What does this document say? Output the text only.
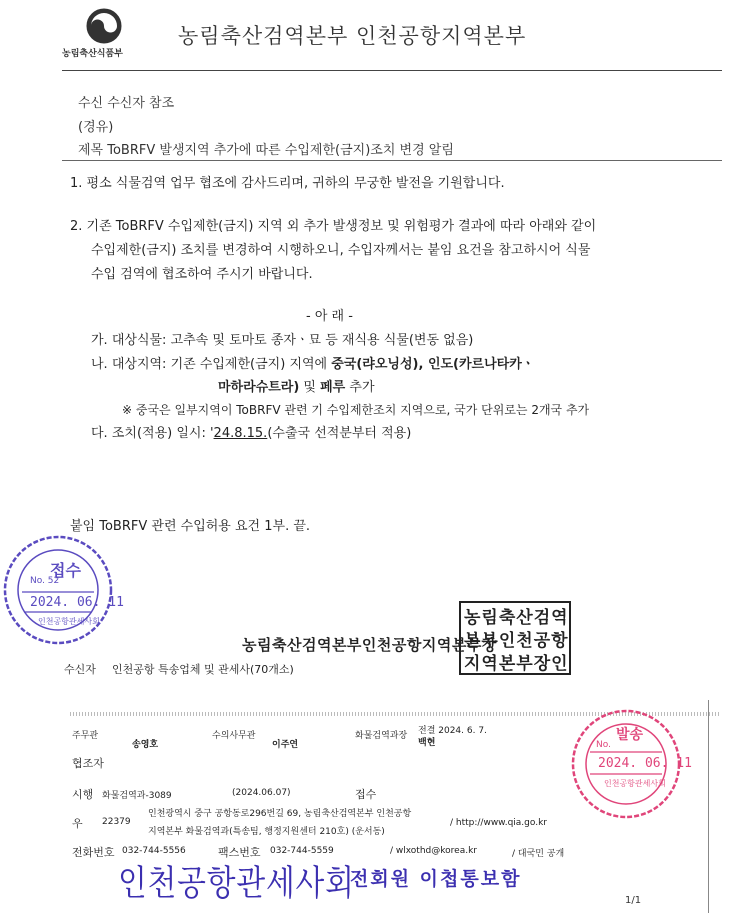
농림축산식품부
농림축산검역본부 인천공항지역본부
수신 수신자 참조
(경유)
제목 ToBRFV 발생지역 추가에 따른 수입제한(금지)조치 변경 알림
1. 평소 식물검역 업무 협조에 감사드리며, 귀하의 무궁한 발전을 기원합니다.
2. 기존 ToBRFV 수입제한(금지) 지역 외 추가 발생정보 및 위험평가 결과에 따라 아래와 같이
수입제한(금지) 조치를 변경하여 시행하오니, 수입자께서는 붙임 요건을 참고하시어 식물
수입 검역에 협조하여 주시기 바랍니다.
- 아 래 -
가. 대상식물: 고추속 및 토마토 종자ㆍ묘 등 재식용 식물(변동 없음)
나. 대상지역: 기존 수입제한(금지) 지역에 중국(랴오닝성), 인도(카르나타카ㆍ
마하라슈트라) 및 페루 추가
※ 중국은 일부지역이 ToBRFV 관련 기 수입제한조치 지역으로, 국가 단위로는 2개국 추가
다. 조치(적용) 일시: '24.8.15.(수출국 선적분부터 적용)
붙임 ToBRFV 관련 수입허용 요건 1부. 끝.
접수
No. 52
2024. 06. 11
인천공항관세사회
농림축산검역본부인천공항지역본부장
농림축산검역
본부인천공항
지역본부장인
수신자 인천공항 특송업체 및 관세사(70개소)
주무관
송영호
수의사무관
이주연
화물검역과장 전결 2024. 6. 7.
백현
협조자
시행 화물검역과-3089	(2024.06.07)	접수
우 22379
인천광역시 중구 공항동로296번길 69, 농림축산검역본부 인천공항
지역본부 화물검역과(특송팀, 행정지원센터 210호) (운서동)
/ http://www.qia.go.kr
전화번호 032-744-5556	팩스번호 032-744-5559	/ wlxothd@korea.kr	/ 대국민 공개
발송
No.
2024. 06. 11
인천공항관세사회
인천공항관세사회
전회원 이첩통보함
1/1
